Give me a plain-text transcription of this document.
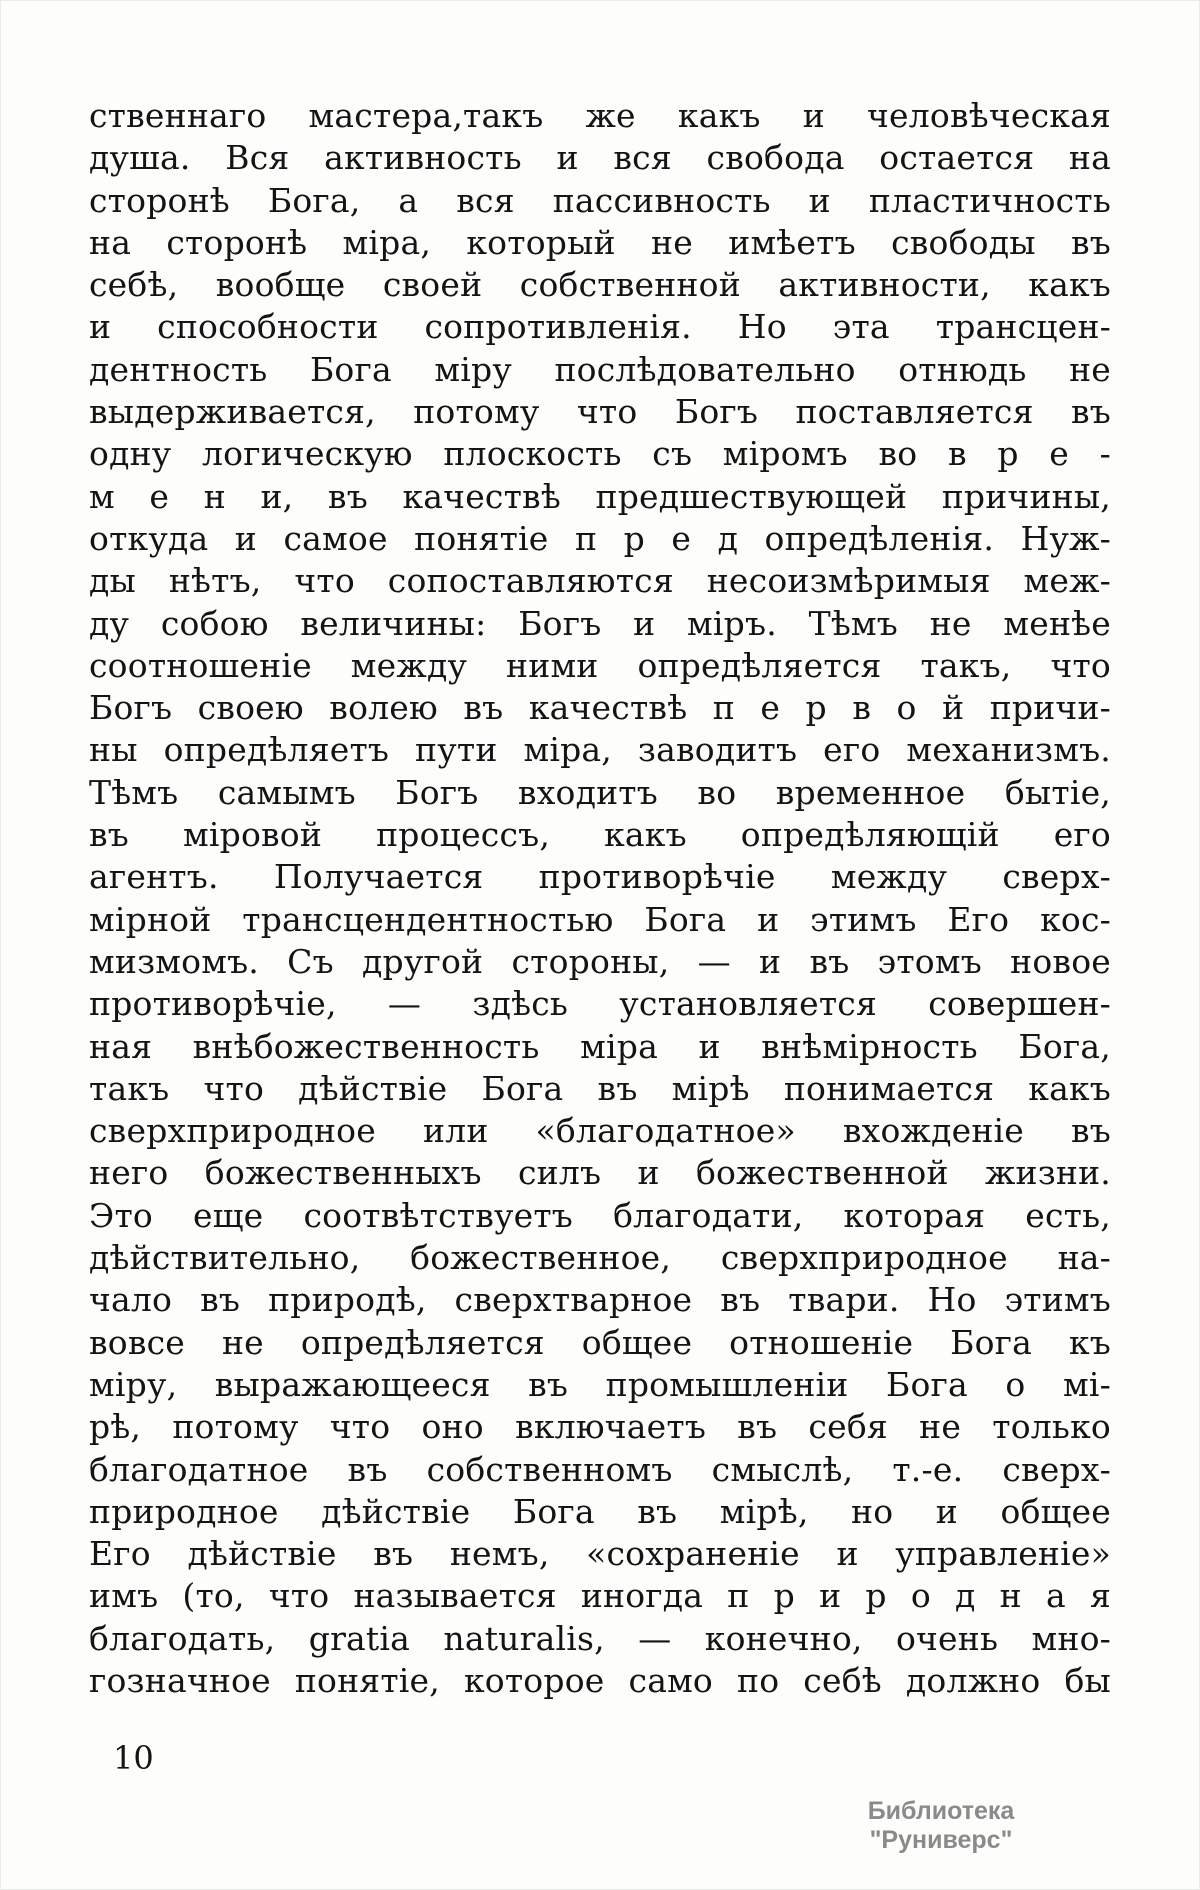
ственнаго мастера,такъ же какъ и человѣческая
душа. Вся активность и вся свобода остается на
сторонѣ Бога, а вся пассивность и пластичность
на сторонѣ міра, который не имѣетъ свободы въ
себѣ, вообще своей собственной активности, какъ
и способности сопротивленія. Но эта трансцен-
дентность Бога міру послѣдовательно отнюдь не
выдерживается, потому что Богъ поставляется въ
одну логическую плоскость съ міромъ во в р е -
м е н и, въ качествѣ предшествующей причины,
откуда и самое понятіе п р е д опредѣленія. Нуж-
ды нѣтъ, что сопоставляются несоизмѣримыя меж-
ду собою величины: Богъ и міръ. Тѣмъ не менѣе
соотношеніе между ними опредѣляется такъ, что
Богъ своею волею въ качествѣ п е р в о й причи-
ны опредѣляетъ пути міра, заводитъ его механизмъ.
Тѣмъ самымъ Богъ входитъ во временное бытіе,
въ міровой процессъ, какъ опредѣляющій его
агентъ. Получается противорѣчіе между сверх-
мірной трансцендентностью Бога и этимъ Его кос-
мизмомъ. Съ другой стороны, — и въ этомъ новое
противорѣчіе, — здѣсь установляется совершен-
ная внѣбожественность міра и внѣмірность Бога,
такъ что дѣйствіе Бога въ мірѣ понимается какъ
сверхприродное или «благодатное» вхожденіе въ
него божественныхъ силъ и божественной жизни.
Это еще соотвѣтствуетъ благодати, которая есть,
дѣйствительно, божественное, сверхприродное на-
чало въ природѣ, сверхтварное въ твари. Но этимъ
вовсе не опредѣляется общее отношеніе Бога къ
міру, выражающееся въ промышленіи Бога о мі-
рѣ, потому что оно включаетъ въ себя не только
благодатное въ собственномъ смыслѣ, т.-е. сверх-
природное дѣйствіе Бога въ мірѣ, но и общее
Его дѣйствіе въ немъ, «сохраненіе и управленіе»
имъ (то, что называется иногда п р и р о д н а я
благодать, gratia naturalis, — конечно, очень мно-
гозначное понятіе, которое само по себѣ должно бы
10
Библиотека "Руниверс"
